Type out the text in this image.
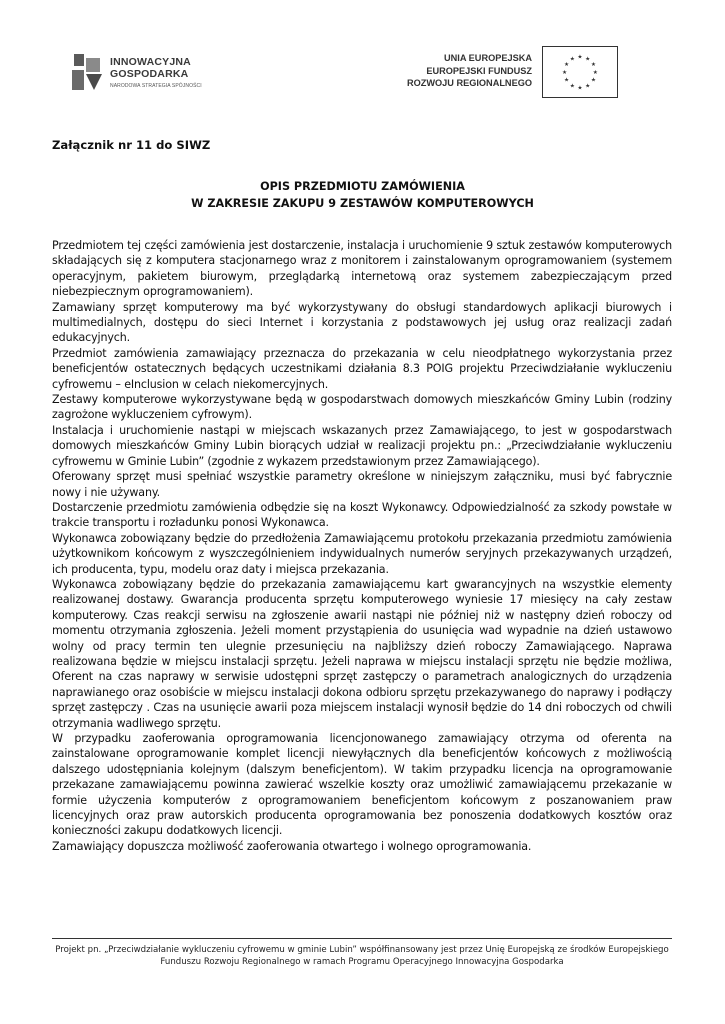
INNOWACYJNA
GOSPODARKA
NARODOWA STRATEGIA SPÓJNOŚCI
UNIA EUROPEJSKA
EUROPEJSKI FUNDUSZ
ROZWOJU REGIONALNEGO
★ ★
★
★
★
★
★
★
★
★
★
★
Załącznik nr 11 do SIWZ
OPIS PRZEDMIOTU ZAMÓWIENIA
W ZAKRESIE ZAKUPU 9 ZESTAWÓW KOMPUTEROWYCH

Przedmiotem tej części zamówienia jest dostarczenie, instalacja i uruchomienie 9 sztuk zestawów komputerowych składających się z komputera stacjonarnego wraz z monitorem i zainstalowanym oprogramowaniem (systemem operacyjnym, pakietem biurowym, przeglądarką internetową oraz systemem zabezpieczającym przed niebezpiecznym oprogramowaniem).

Zamawiany sprzęt komputerowy ma być wykorzystywany do obsługi standardowych aplikacji biurowych i multimedialnych, dostępu do sieci Internet i korzystania z podstawowych jej usług oraz realizacji zadań edukacyjnych.

Przedmiot zamówienia zamawiający przeznacza do przekazania w celu nieodpłatnego wykorzystania przez beneficjentów ostatecznych będących uczestnikami działania 8.3 POIG projektu Przeciwdziałanie wykluczeniu cyfrowemu – eInclusion w celach niekomercyjnych.

Zestawy komputerowe wykorzystywane będą w gospodarstwach domowych mieszkańców Gminy Lubin (rodziny zagrożone wykluczeniem cyfrowym).

Instalacja i uruchomienie nastąpi w miejscach wskazanych przez Zamawiającego, to jest w gospodarstwach domowych mieszkańców Gminy Lubin biorących udział w realizacji projektu pn.: „Przeciwdziałanie wykluczeniu cyfrowemu w Gminie Lubin” (zgodnie z wykazem przedstawionym przez Zamawiającego).

Oferowany sprzęt musi spełniać wszystkie parametry określone w niniejszym załączniku, musi być fabrycznie nowy i nie używany.

Dostarczenie przedmiotu zamówienia odbędzie się na koszt Wykonawcy. Odpowiedzialność za szkody powstałe w trakcie transportu i rozładunku ponosi Wykonawca.

Wykonawca zobowiązany będzie do przedłożenia Zamawiającemu protokołu przekazania przedmiotu zamówienia użytkownikom końcowym z wyszczególnieniem indywidualnych numerów seryjnych przekazywanych urządzeń, ich producenta, typu, modelu oraz daty i miejsca przekazania.

Wykonawca zobowiązany będzie do przekazania zamawiającemu kart gwarancyjnych na wszystkie elementy realizowanej dostawy. Gwarancja producenta sprzętu komputerowego wyniesie 17 miesięcy na cały zestaw komputerowy. Czas reakcji serwisu na zgłoszenie awarii nastąpi nie później niż w następny dzień roboczy od momentu otrzymania zgłoszenia. Jeżeli moment przystąpienia do usunięcia wad wypadnie na dzień ustawowo wolny od pracy termin ten ulegnie przesunięciu na najbliższy dzień roboczy Zamawiającego. Naprawa realizowana będzie w miejscu instalacji sprzętu. Jeżeli naprawa w miejscu instalacji sprzętu nie będzie możliwa, Oferent na czas naprawy w serwisie udostępni sprzęt zastępczy o parametrach analogicznych do urządzenia naprawianego oraz osobiście w miejscu instalacji dokona odbioru sprzętu przekazywanego do naprawy i podłączy sprzęt zastępczy . Czas na usunięcie awarii poza miejscem instalacji wynosił będzie do 14 dni roboczych od chwili otrzymania wadliwego sprzętu.

W przypadku zaoferowania oprogramowania licencjonowanego zamawiający otrzyma od oferenta na zainstalowane oprogramowanie komplet licencji niewyłącznych dla beneficjentów końcowych z możliwością dalszego udostępniania kolejnym (dalszym beneficjentom). W takim przypadku licencja na oprogramowanie przekazane zamawiającemu powinna zawierać wszelkie koszty oraz umożliwić zamawiającemu przekazanie w formie użyczenia komputerów z oprogramowaniem beneficjentom końcowym z poszanowaniem praw licencyjnych oraz praw autorskich producenta oprogramowania bez ponoszenia dodatkowych kosztów oraz konieczności zakupu dodatkowych licencji.

Zamawiający dopuszcza możliwość zaoferowania otwartego i wolnego oprogramowania.

Projekt pn. „Przeciwdziałanie wykluczeniu cyfrowemu w gminie Lubin” współfinansowany jest przez Unię Europejską ze środków Europejskiego
Funduszu Rozwoju Regionalnego w ramach Programu Operacyjnego Innowacyjna Gospodarka
